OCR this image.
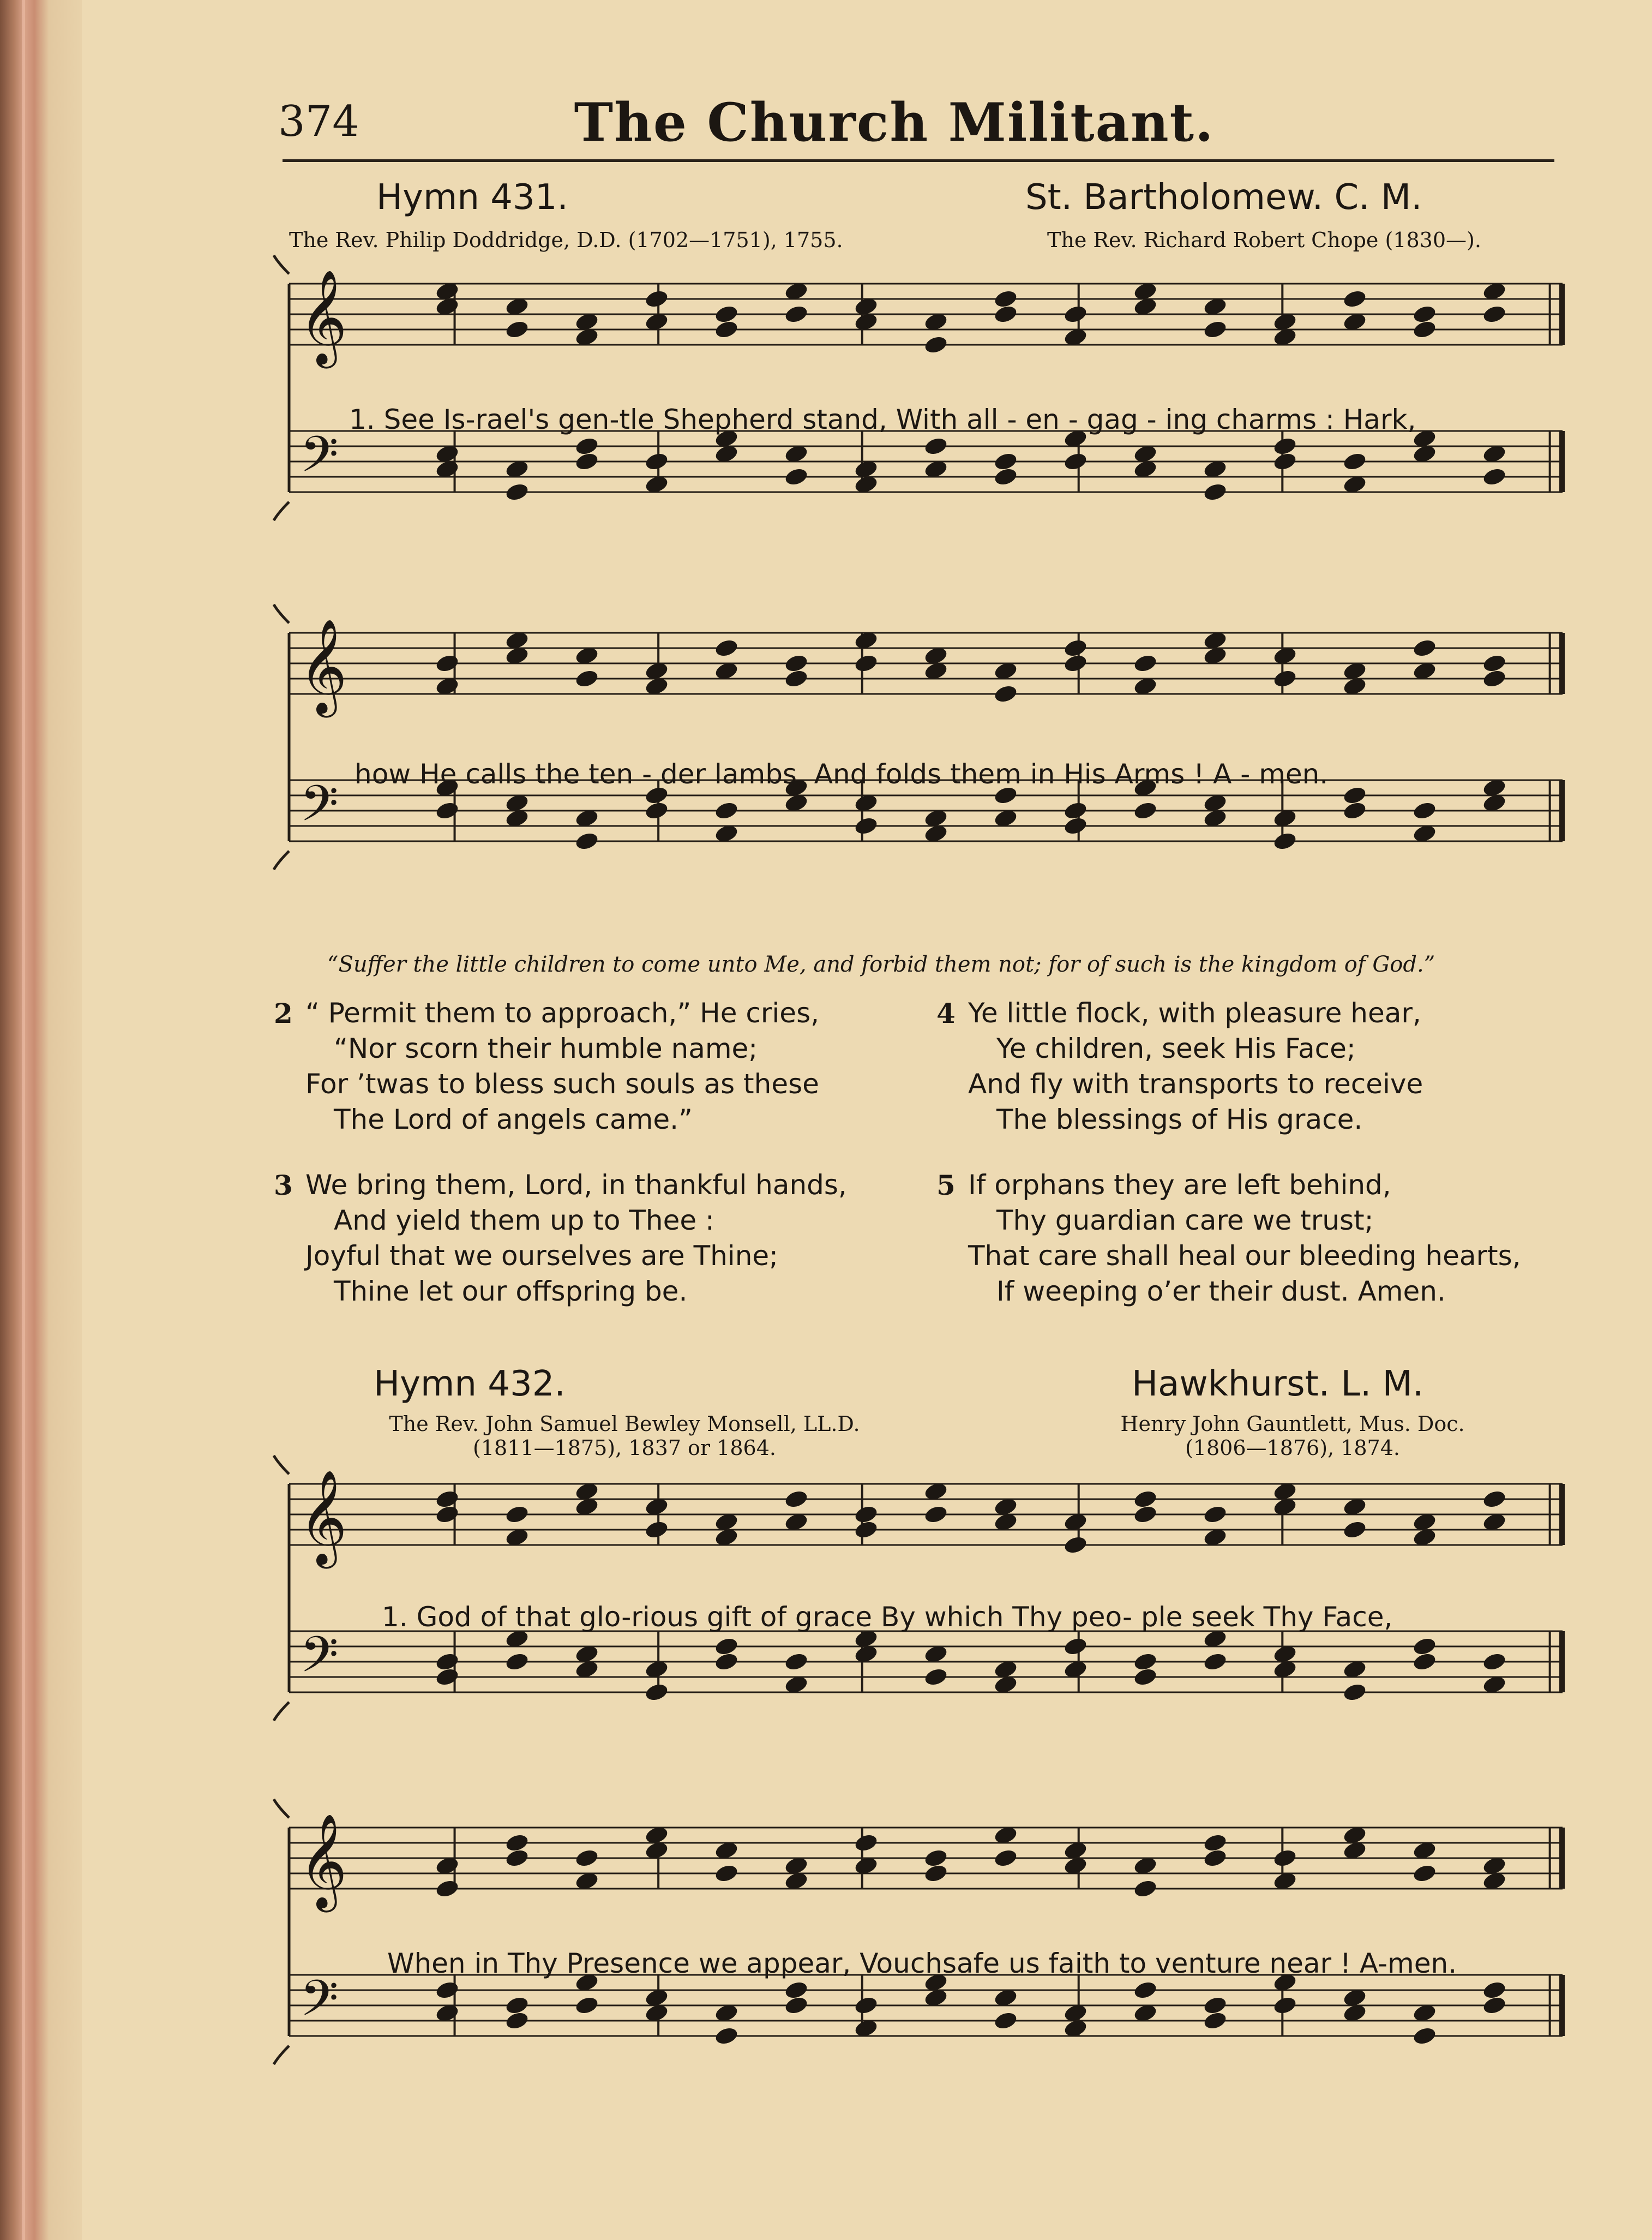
374	The Church Militant.
Hymn 431.	St. Bartholomew. C. M.
The Rev. Philip Doddridge, D.D. (1702—1751), 1755.	The Rev. Richard Robert Chope (1830—).
𝄞
𝄢
1. See Is-rael's gen-tle Shepherd stand, With all - en - gag - ing charms : Hark,
𝄞
𝄢
how He calls the ten - der lambs, And folds them in His Arms ! A - men.
“Suffer the little children to come unto Me, and forbid them not; for of such is the kingdom of God.”
2 “ Permit them to approach,” He cries,
“Nor scorn their humble name;
For ’twas to bless such souls as these
The Lord of angels came.”
3 We bring them, Lord, in thankful hands,
And yield them up to Thee :
Joyful that we ourselves are Thine;
Thine let our offspring be.
4 Ye little flock, with pleasure hear,
Ye children, seek His Face;
And fly with transports to receive
The blessings of His grace.
5 If orphans they are left behind,
Thy guardian care we trust;
That care shall heal our bleeding hearts,
If weeping o’er their dust. Amen.
Hymn 432.	Hawkhurst. L. M.
The Rev. John Samuel Bewley Monsell, LL.D.
(1811—1875), 1837 or 1864.
Henry John Gauntlett, Mus. Doc.
(1806—1876), 1874.
𝄞
𝄢
1. God of that glo-rious gift of grace By which Thy peo- ple seek Thy Face,
𝄞
𝄢
When in Thy Presence we appear, Vouchsafe us faith to venture near ! A-men.
